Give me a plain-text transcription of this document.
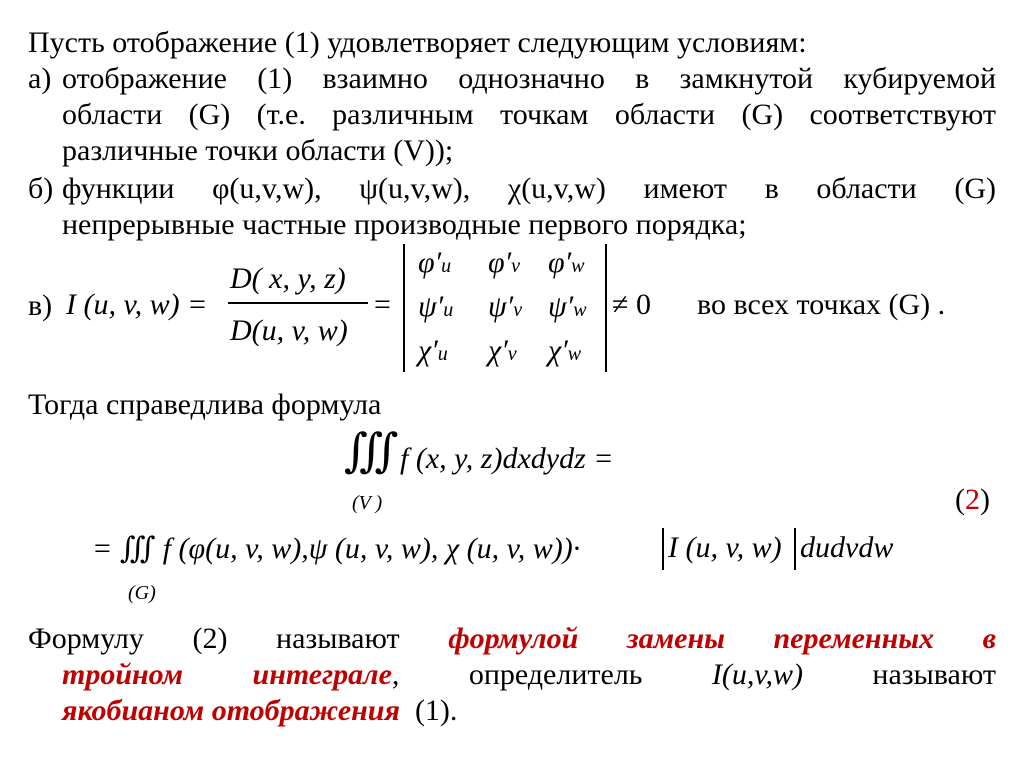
Пусть отображение (1) удовлетворяет следующим условиям:
а) отображение (1) взаимно однозначно в замкнутой кубируемой
области (G) (т.е. различным точкам области (G) соответствуют
различные точки области (V));
б) функции φ(u,v,w), ψ(u,v,w), χ(u,v,w) имеют в области (G)
непрерывные частные производные первого порядка;
в) I (u, v, w) =
D( x, y, z)
D(u, v, w)
=
φ′u φ′v φ′w
ψ′u ψ′v ψ′w
χ′u χ′v χ′w
≠ 0 во всех точках (G) .
Тогда справедлива формула
∭ f (x, y, z)dxdydz =
(V )	(2)
= ∭ f (φ(u, v, w),ψ (u, v, w), χ (u, v, w))·	I (u, v, w) dudvdw
(G)
Формулу (2) называют формулой замены переменных в
тройном интеграле, определитель I(u,v,w) называют
якобианом отображения (1).
